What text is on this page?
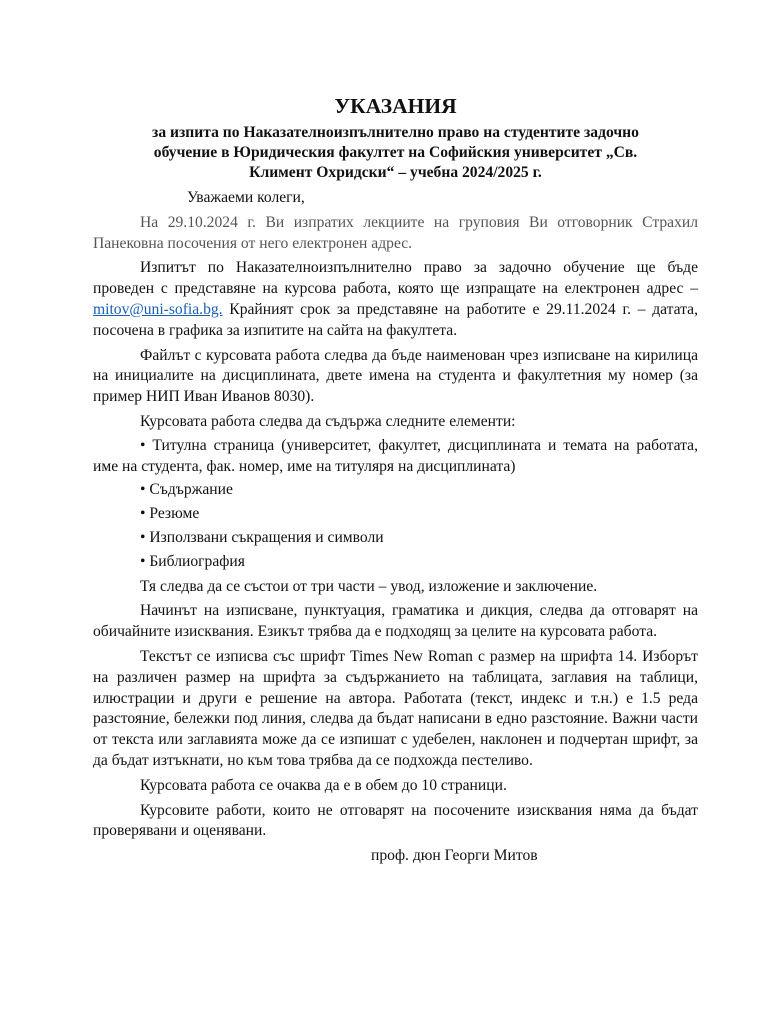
УКАЗАНИЯ

за изпита по Наказателноизпълнително право на студентите задочно
обучение в Юридическия факултет на Софийския университет „Св.
Климент Охридски“ – учебна 2024/2025 г.

Уважаеми колеги,

На 29.10.2024 г. Ви изпратих лекциите на груповия Ви отговорник Страхил Панековна посочения от него електронен адрес.

Изпитът по Наказателноизпълнително право за задочно обучение ще бъде проведен с представяне на курсова работа, която ще изпращате на електронен адрес – mitov@uni-sofia.bg. Крайният срок за представяне на работите е 29.11.2024 г. – датата, посочена в графика за изпитите на сайта на факултета.

Файлът с курсовата работа следва да бъде наименован чрез изписване на кирилица на инициалите на дисциплината, двете имена на студента и факултетния му номер (за пример НИП Иван Иванов 8030).

Курсовата работа следва да съдържа следните елементи:

• Титулна страница (университет, факултет, дисциплината и темата на работата, име на студента, фак. номер, име на титуляря на дисциплината)

• Съдържание

• Резюме

• Използвани съкращения и символи

• Библиография

Тя следва да се състои от три части – увод, изложение и заключение.

Начинът на изписване, пунктуация, граматика и дикция, следва да отговарят на обичайните изисквания. Езикът трябва да е подходящ за целите на курсовата работа.

Текстът се изписва със шрифт Times New Roman с размер на шрифта 14. Изборът на различен размер на шрифта за съдържанието на таблицата, заглавия на таблици, илюстрации и други е решение на автора. Работата (текст, индекс и т.н.) е 1.5 реда разстояние, бележки под линия, следва да бъдат написани в едно разстояние. Важни части от текста или заглавията може да се изпишат с удебелен, наклонен и подчертан шрифт, за да бъдат изтъкнати, но към това трябва да се подхожда пестеливо.

Курсовата работа се очаква да е в обем до 10 страници.

Курсовите работи, които не отговарят на посочените изисквания няма да бъдат проверявани и оценявани.

проф. дюн Георги Митов
